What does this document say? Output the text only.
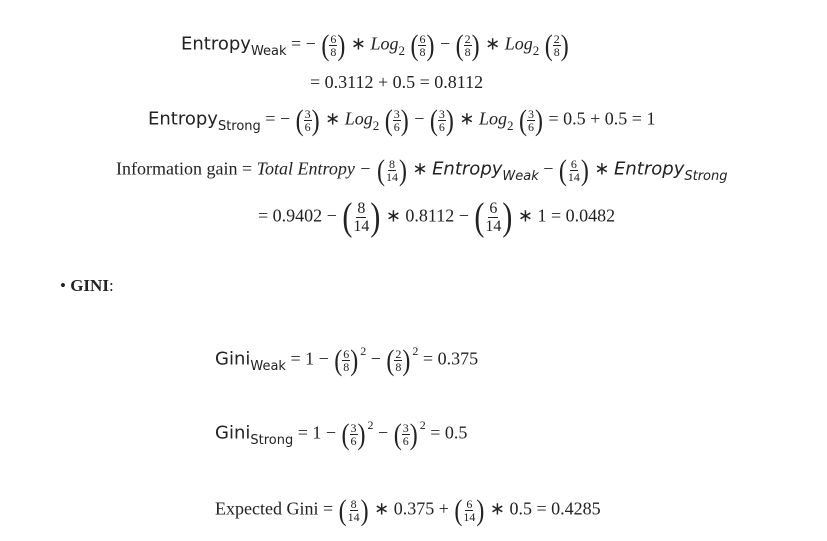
Entropy$_{Weak}$ = − ( $\frac{6}{8}$ ) ∗ Log$_2$ ( $\frac{6}{8}$ ) − ( $\frac{2}{8}$ ) ∗ Log$_2$ ( $\frac{2}{8}$ )
= 0.3112 + 0.5 = 0.8112
Entropy$_{Strong}$ = − ( $\frac{3}{6}$ ) ∗ Log$_2$ ( $\frac{3}{6}$ ) − ( $\frac{3}{6}$ ) ∗ Log$_2$ ( $\frac{3}{6}$ ) = 0.5 + 0.5 = 1
Information gain = Total Entropy − ( $\frac{8}{14}$ ) ∗ Entropy$_{Weak}$ − ( $\frac{6}{14}$ ) ∗ Entropy$_{Strong}$
= 0.9402 − ( $\frac{8}{14}$ ) ∗ 0.8112 − ( $\frac{6}{14}$ ) ∗ 1 = 0.0482
• GINI:
Gini$_{Weak}$ = 1 − ( $\frac{6}{8}$ ) $^2$ − ( $\frac{2}{8}$ ) $^2$ = 0.375
Gini$_{Strong}$ = 1 − ( $\frac{3}{6}$ ) $^2$ − ( $\frac{3}{6}$ ) $^2$ = 0.5
Expected Gini = ( $\frac{8}{14}$ ) ∗ 0.375 + ( $\frac{6}{14}$ ) ∗ 0.5 = 0.4285
